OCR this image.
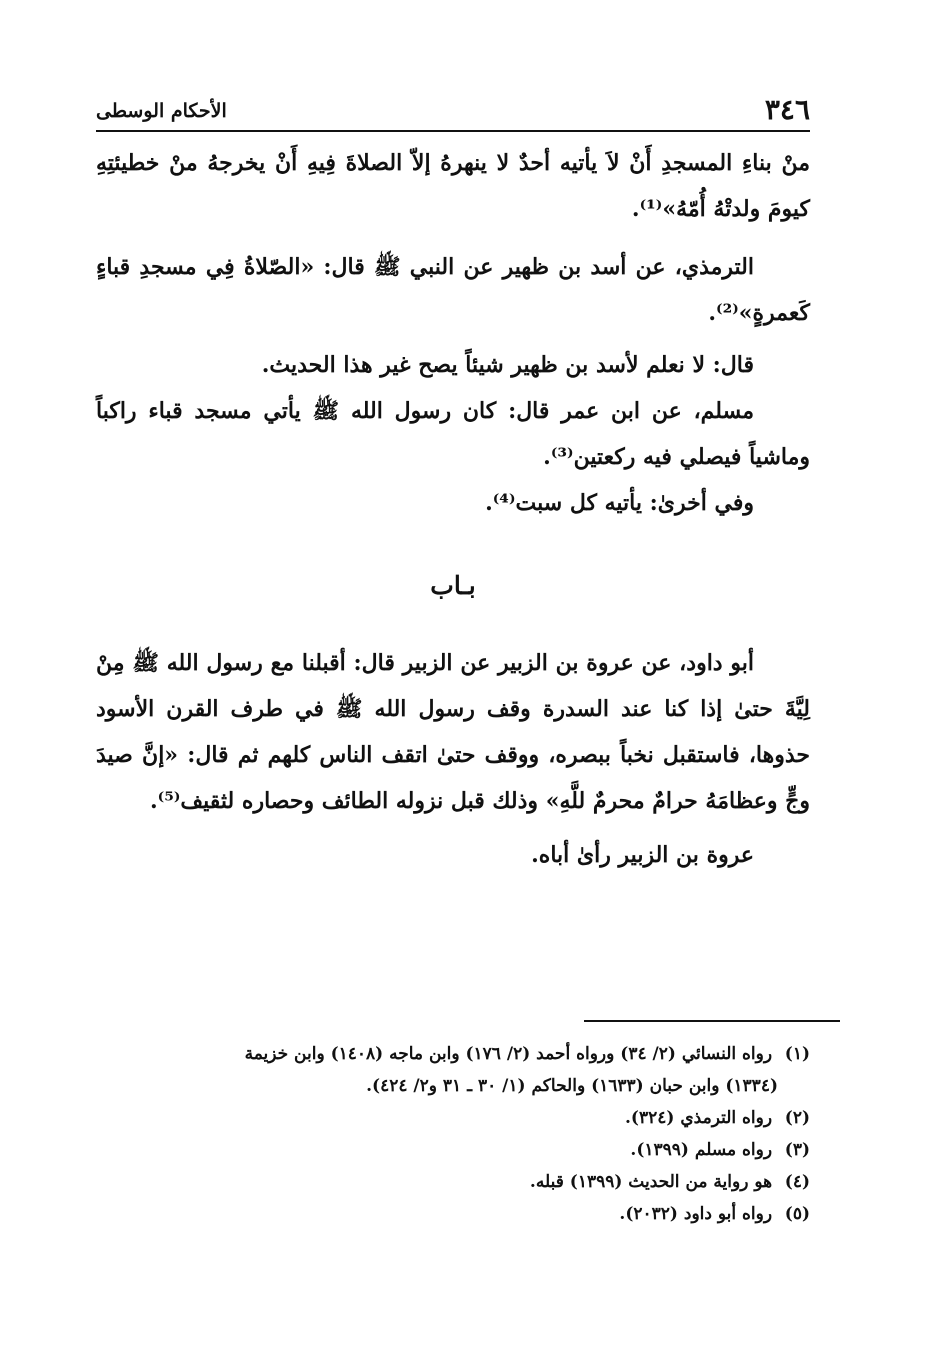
٣٤٦
الأحكام الوسطى

منْ بناءِ المسجدِ أَنْ لاَ يأتيه أحدٌ لا ينهرهُ إلاّ الصلاةَ فِيهِ أَنْ يخرجهُ منْ خطيئتِهِ كيومَ ولدتْهُ أُمّهُ»⁽¹⁾.

الترمذي، عن أسد بن ظهير عن النبي ﷺ قال: «الصّلاةُ فِي مسجدِ قباءٍ كَعمرةٍ»⁽²⁾.

قال: لا نعلم لأسد بن ظهير شيئاً يصح غير هذا الحديث.

مسلم، عن ابن عمر قال: كان رسول الله ﷺ يأتي مسجد قباء راكباً وماشياً فيصلي فيه ركعتين⁽³⁾.

وفي أخرىٰ: يأتيه كل سبت⁽⁴⁾.

بـاب

أبو داود، عن عروة بن الزبير عن الزبير قال: أقبلنا مع رسول الله ﷺ مِنْ لِيَّةَ حتىٰ إذا كنا عند السدرة وقف رسول الله ﷺ في طرف القرن الأسود حذوها، فاستقبل نخباً ببصره، ووقف حتىٰ اتقف الناس كلهم ثم قال: «إنَّ صيدَ وجٍّ وعظامَهُ حرامٌ محرمٌ للَّهِ» وذلك قبل نزوله الطائف وحصاره لثقيف⁽⁵⁾.

عروة بن الزبير رأىٰ أباه.

(١) رواه النسائي (٢/ ٣٤) ورواه أحمد (٢/ ١٧٦) وابن ماجه (١٤٠٨) وابن خزيمة

(١٣٣٤) وابن حبان (١٦٣٣) والحاكم (١/ ٣٠ ـ ٣١ و٢/ ٤٢٤).

(٢) رواه الترمذي (٣٢٤).

(٣) رواه مسلم (١٣٩٩).

(٤) هو رواية من الحديث (١٣٩٩) قبله.

(٥) رواه أبو داود (٢٠٣٢).
